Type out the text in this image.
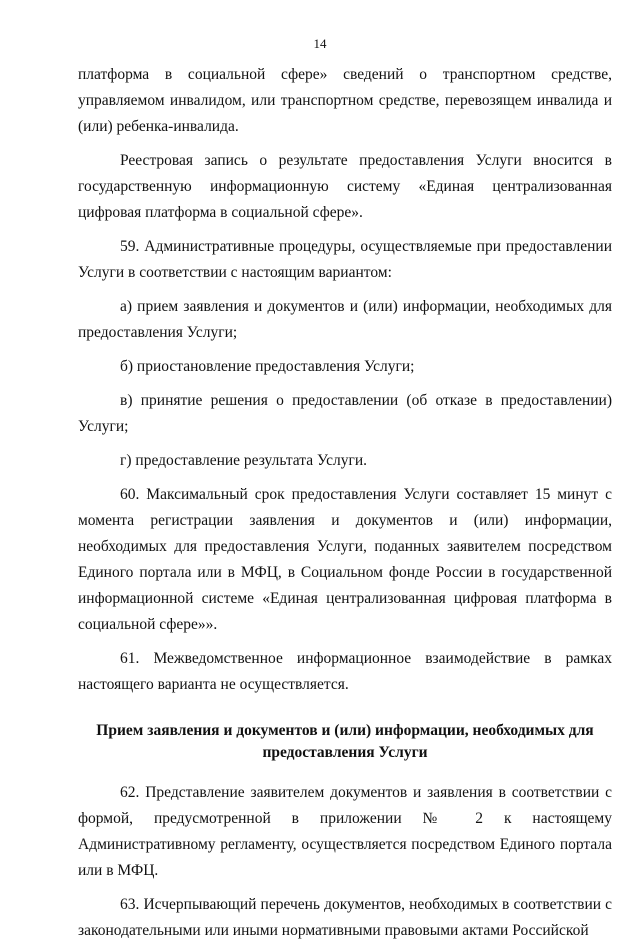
14

платформа в социальной сфере» сведений о транспортном средстве, управляемом инвалидом, или транспортном средстве, перевозящем инвалида и (или) ребенка-инвалида.

Реестровая запись о результате предоставления Услуги вносится в государственную информационную систему «Единая централизованная цифровая платформа в социальной сфере».

59. Административные процедуры, осуществляемые при предоставлении Услуги в соответствии с настоящим вариантом:

а) прием заявления и документов и (или) информации, необходимых для предоставления Услуги;

б) приостановление предоставления Услуги;

в) принятие решения о предоставлении (об отказе в предоставлении) Услуги;

г) предоставление результата Услуги.

60. Максимальный срок предоставления Услуги составляет 15 минут с момента регистрации заявления и документов и (или) информации, необходимых для предоставления Услуги, поданных заявителем посредством Единого портала или в МФЦ, в Социальном фонде России в государственной информационной системе «Единая централизованная цифровая платформа в социальной сфере»».

61. Межведомственное информационное взаимодействие в рамках настоящего варианта не осуществляется.

Прием заявления и документов и (или) информации, необходимых для
предоставления Услуги

62. Представление заявителем документов и заявления в соответствии с формой, предусмотренной в приложении № 2 к настоящему Административному регламенту, осуществляется посредством Единого портала или в МФЦ.

63. Исчерпывающий перечень документов, необходимых в соответствии с законодательными или иными нормативными правовыми актами Российской
